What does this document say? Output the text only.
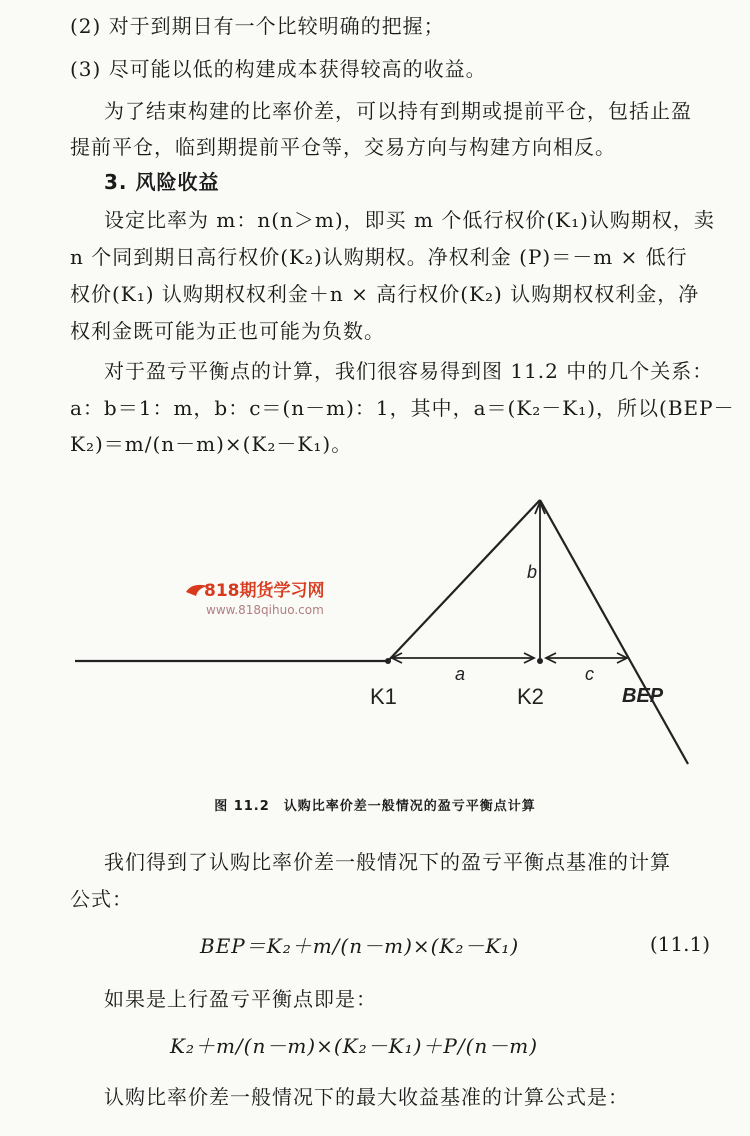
(2) 对于到期日有一个比较明确的把握；
(3) 尽可能以低的构建成本获得较高的收益。
为了结束构建的比率价差，可以持有到期或提前平仓，包括止盈
提前平仓，临到期提前平仓等，交易方向与构建方向相反。
3. 风险收益
设定比率为 m：n(n＞m)，即买 m 个低行权价(K₁)认购期权，卖
n 个同到期日高行权价(K₂)认购期权。净权利金 (P)＝－m × 低行
权价(K₁) 认购期权权利金＋n × 高行权价(K₂) 认购期权权利金，净
权利金既可能为正也可能为负数。
对于盈亏平衡点的计算，我们很容易得到图 11.2 中的几个关系：
a：b＝1：m，b：c＝(n－m)：1，其中，a＝(K₂－K₁)，所以(BEP－
K₂)＝m/(n－m)×(K₂－K₁)。
b
a	c
K1	K2	BEP
818期货学习网
www.818qihuo.com
图 11.2　认购比率价差一般情况的盈亏平衡点计算
我们得到了认购比率价差一般情况下的盈亏平衡点基准的计算
公式：
BEP＝K₂＋m/(n－m)×(K₂－K₁)	(11.1)
如果是上行盈亏平衡点即是：
K₂＋m/(n－m)×(K₂－K₁)＋P/(n－m)
认购比率价差一般情况下的最大收益基准的计算公式是：
